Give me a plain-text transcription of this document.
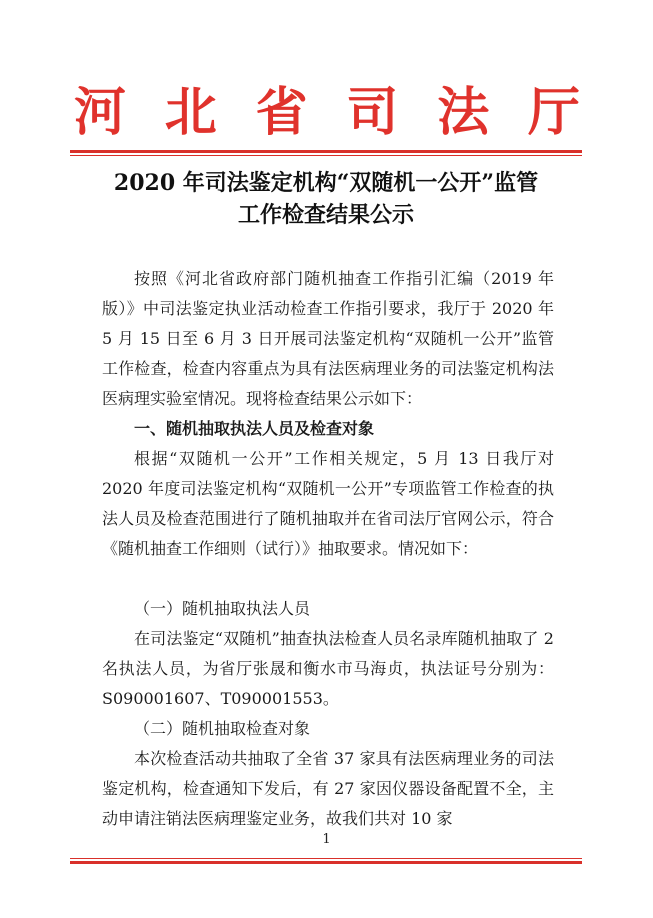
河 北 省 司 法 厅
2020 年司法鉴定机构“双随机一公开”监管
工作检查结果公示
按照《河北省政府部门随机抽查工作指引汇编（2019 年版）》中司法鉴定执业活动检查工作指引要求，我厅于 2020 年 5 月 15 日至 6 月 3 日开展司法鉴定机构“双随机一公开”监管工作检查，检查内容重点为具有法医病理业务的司法鉴定机构法医病理实验室情况。现将检查结果公示如下：
一、随机抽取执法人员及检查对象
根据“双随机一公开”工作相关规定，5 月 13 日我厅对 2020 年度司法鉴定机构“双随机一公开”专项监管工作检查的执法人员及检查范围进行了随机抽取并在省司法厅官网公示，符合《随机抽查工作细则（试行）》抽取要求。情况如下：
（一）随机抽取执法人员
在司法鉴定“双随机”抽查执法检查人员名录库随机抽取了 2 名执法人员，为省厅张晟和衡水市马海贞，执法证号分别为：S090001607、T090001553。
（二）随机抽取检查对象
本次检查活动共抽取了全省 37 家具有法医病理业务的司法鉴定机构，检查通知下发后，有 27 家因仪器设备配置不全，主动申请注销法医病理鉴定业务，故我们共对 10 家
1
